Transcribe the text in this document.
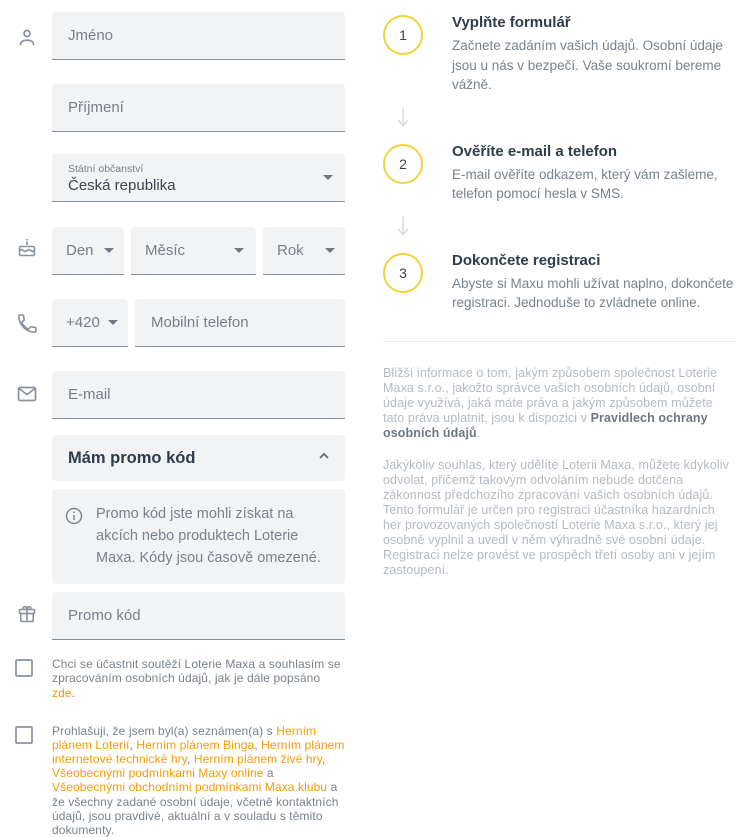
Jméno
Příjmení
Státní občanství
Česká republika
Den	Měsíc	Rok
+420	Mobilní telefon
E-mail
Mám promo kód
Promo kód jste mohli získat na akcích nebo produktech Loterie Maxa. Kódy jsou časově omezené.
Promo kód
Chci se účastnit soutěží Loterie Maxa a souhlasím se zpracováním osobních údajů, jak je dále popsáno zde.
Prohlašuji, že jsem byl(a) seznámen(a) s Herním plánem Loterií, Herním plánem Binga, Herním plánem internetové technické hry, Herním plánem živé hry, Všeobecnými podmínkami Maxy online a Všeobecnými obchodními podmínkami Maxa klubu a že všechny zadané osobní údaje, včetně kontaktních údajů, jsou pravdivé, aktuální a v souladu s těmito dokumenty.
1
Vyplňte formulář
Začnete zadáním vašich údajů. Osobní údaje jsou u nás v bezpečí. Vaše soukromí bereme vážně.
2
Ověříte e-mail a telefon
E-mail ověříte odkazem, který vám zašleme, telefon pomocí hesla v SMS.
3
Dokončete registraci
Abyste si Maxu mohli užívat naplno, dokončete registraci. Jednoduše to zvládnete online.
Bližší informace o tom, jakým způsobem společnost Loterie Maxa s.r.o., jakožto správce vašich osobních údajů, osobní údaje využívá, jaká máte práva a jakým způsobem můžete tato práva uplatnit, jsou k dispozici v Pravidlech ochrany osobních údajů.
Jakýkoliv souhlas, který udělíte Loterii Maxa, můžete kdykoliv odvolat, přičemž takovým odvoláním nebude dotčena zákonnost předchozího zpracování vašich osobních údajů. Tento formulář je určen pro registraci účastníka hazardních her provozovaných společností Loterie Maxa s.r.o., který jej osobně vyplnil a uvedl v něm výhradně své osobní údaje. Registraci nelze provést ve prospěch třetí osoby ani v jejím zastoupení.
